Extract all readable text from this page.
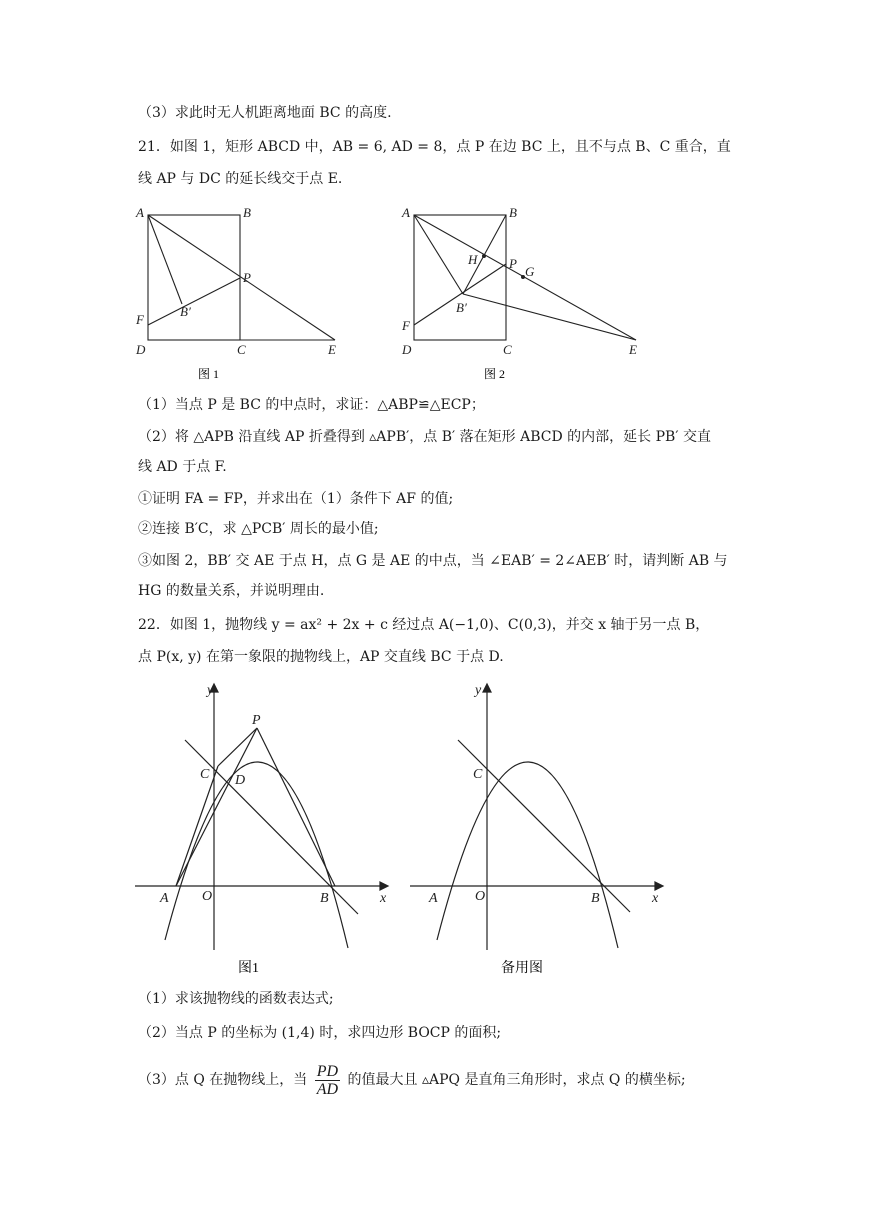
（3）求此时无人机距离地面 BC 的高度.
21．如图 1，矩形 ABCD 中，AB = 6, AD = 8，点 P 在边 BC 上，且不与点 B、C 重合，直
线 AP 与 DC 的延长线交于点 E.
A	B
P
B′
F
D	C	E
图 1
A	B
H P
G
B′
F
D	C	E
图 2
（1）当点 P 是 BC 的中点时，求证：△ABP≌△ECP；
（2）将 △APB 沿直线 AP 折叠得到 ▵APB′，点 B′ 落在矩形 ABCD 的内部，延长 PB′ 交直
线 AD 于点 F.
①证明 FA = FP，并求出在（1）条件下 AF 的值;
②连接 B′C，求 △PCB′ 周长的最小值;
③如图 2，BB′ 交 AE 于点 H，点 G 是 AE 的中点，当 ∠EAB′ = 2∠AEB′ 时，请判断 AB 与
HG 的数量关系，并说明理由.
22．如图 1，抛物线 y = ax² + 2x + c 经过点 A(−1,0)、C(0,3)，并交 x 轴于另一点 B，
点 P(x, y) 在第一象限的抛物线上，AP 交直线 BC 于点 D.
y
P
C D
A O	B	x
图1
y
C
A	O	B	x
备用图
（1）求该抛物线的函数表达式;
（2）当点 P 的坐标为 (1,4) 时，求四边形 BOCP 的面积;
（3）点 Q 在抛物线上，当 $\frac{PD}{AD}$ 的值最大且 ▵APQ 是直角三角形时，求点 Q 的横坐标;
